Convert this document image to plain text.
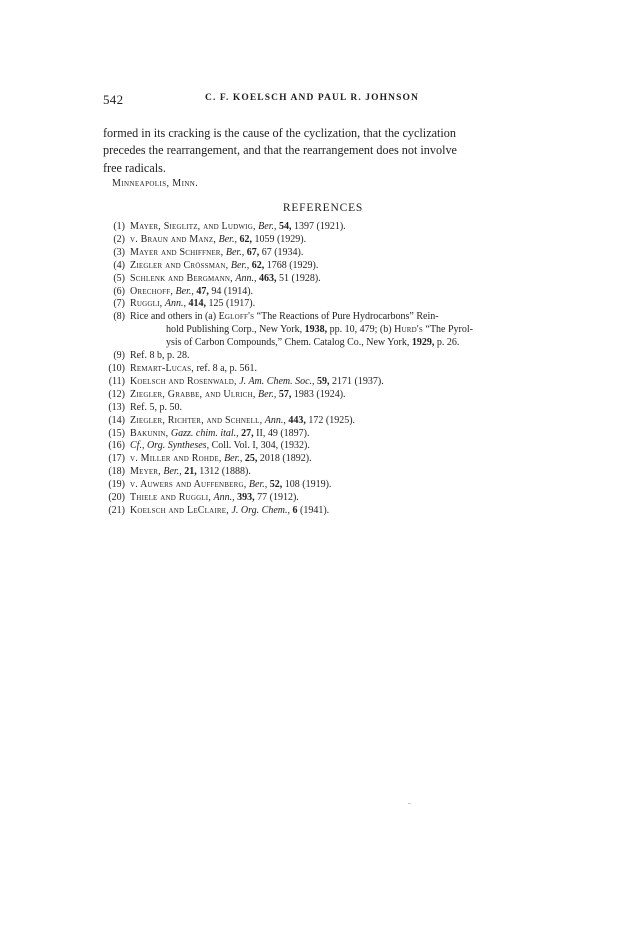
542	C. F. KOELSCH AND PAUL R. JOHNSON
formed in its cracking is the cause of the cyclization, that the cyclization
precedes the rearrangement, and that the rearrangement does not involve
free radicals.
Minneapolis, Minn.
REFERENCES
(1) Mayer, Sieglitz, and Ludwig, Ber., 54, 1397 (1921).
(2) v. Braun and Manz, Ber., 62, 1059 (1929).
(3) Mayer and Schiffner, Ber., 67, 67 (1934).
(4) Ziegler and Crössman, Ber., 62, 1768 (1929).
(5) Schlenk and Bergmann, Ann., 463, 51 (1928).
(6) Orechoff, Ber., 47, 94 (1914).
(7) Ruggli, Ann., 414, 125 (1917).
(8) Rice and others in (a) Egloff's “The Reactions of Pure Hydrocarbons” Rein-
hold Publishing Corp., New York, 1938, pp. 10, 479; (b) Hurd's “The Pyrol-
ysis of Carbon Compounds,” Chem. Catalog Co., New York, 1929, p. 26.
(9) Ref. 8 b, p. 28.
(10) Remart-Lucas, ref. 8 a, p. 561.
(11) Koelsch and Rosenwald, J. Am. Chem. Soc., 59, 2171 (1937).
(12) Ziegler, Grabbe, and Ulrich, Ber., 57, 1983 (1924).
(13) Ref. 5, p. 50.
(14) Ziegler, Richter, and Schnell, Ann., 443, 172 (1925).
(15) Bakunin, Gazz. chim. ital., 27, II, 49 (1897).
(16) Cf., Org. Syntheses, Coll. Vol. I, 304, (1932).
(17) v. Miller and Rohde, Ber., 25, 2018 (1892).
(18) Meyer, Ber., 21, 1312 (1888).
(19) v. Auwers and Auffenberg, Ber., 52, 108 (1919).
(20) Thiele and Ruggli, Ann., 393, 77 (1912).
(21) Koelsch and LeClaire, J. Org. Chem., 6 (1941).
